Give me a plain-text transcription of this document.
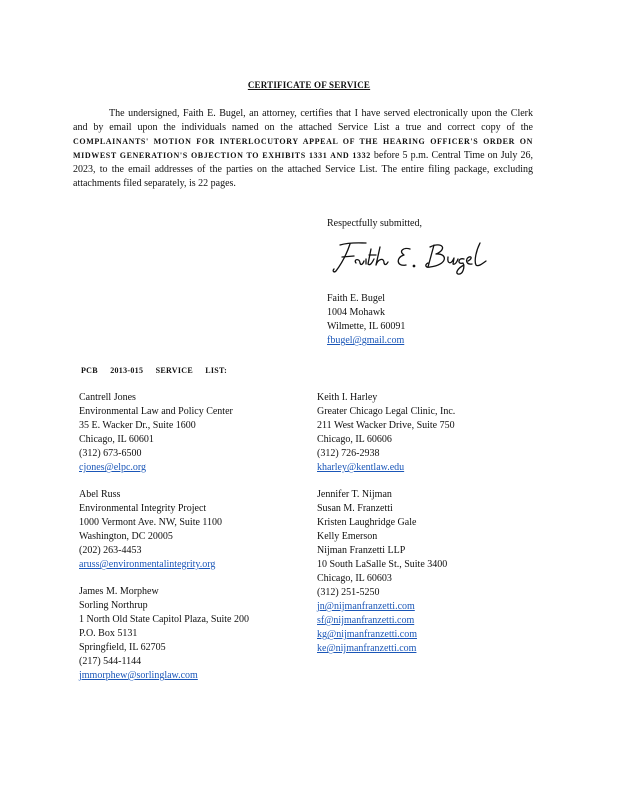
CERTIFICATE OF SERVICE

The undersigned, Faith E. Bugel, an attorney, certifies that I have served electronically upon the Clerk and by email upon the individuals named on the attached Service List a true and correct copy of the COMPLAINANTS' MOTION FOR INTERLOCUTORY APPEAL OF THE HEARING OFFICER'S ORDER ON MIDWEST GENERATION'S OBJECTION TO EXHIBITS 1331 AND 1332 before 5 p.m. Central Time on July 26, 2023, to the email addresses of the parties on the attached Service List. The entire filing package, excluding attachments filed separately, is 22 pages.

Respectfully submitted,
Faith E. Bugel
1004 Mohawk
Wilmette, IL 60091
fbugel@gmail.com
PCB 2013-015 SERVICE LIST:
Cantrell Jones
Environmental Law and Policy Center
35 E. Wacker Dr., Suite 1600
Chicago, IL 60601
(312) 673-6500
cjones@elpc.org
Abel Russ
Environmental Integrity Project
1000 Vermont Ave. NW, Suite 1100
Washington, DC 20005
(202) 263-4453
aruss@environmentalintegrity.org
James M. Morphew
Sorling Northrup
1 North Old State Capitol Plaza, Suite 200
P.O. Box 5131
Springfield, IL 62705
(217) 544-1144
jmmorphew@sorlinglaw.com
Keith I. Harley
Greater Chicago Legal Clinic, Inc.
211 West Wacker Drive, Suite 750
Chicago, IL 60606
(312) 726-2938
kharley@kentlaw.edu
Jennifer T. Nijman
Susan M. Franzetti
Kristen Laughridge Gale
Kelly Emerson
Nijman Franzetti LLP
10 South LaSalle St., Suite 3400
Chicago, IL 60603
(312) 251-5250
jn@nijmanfranzetti.com
sf@nijmanfranzetti.com
kg@nijmanfranzetti.com
ke@nijmanfranzetti.com
